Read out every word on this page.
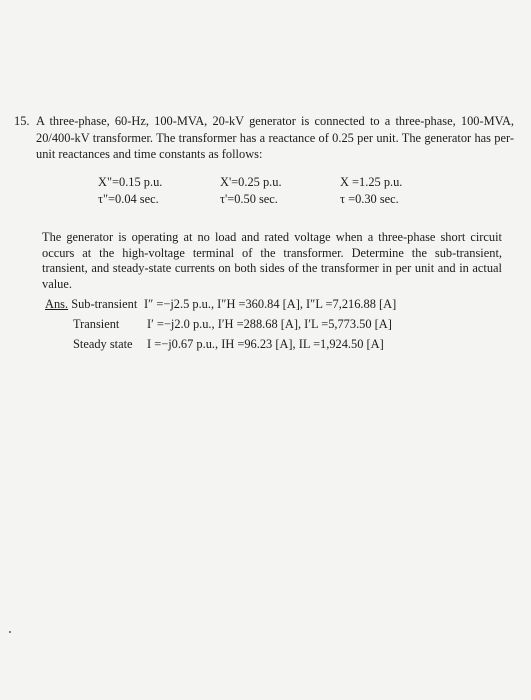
15. A three-phase, 60-Hz, 100-MVA, 20-kV generator is connected to a three-phase, 100-MVA, 20/400-kV transformer. The transformer has a reactance of 0.25 per unit. The generator has per-unit reactances and time constants as follows:
X"=0.15 p.u.	X'=0.25 p.u.	X =1.25 p.u.
τ"=0.04 sec.	τ'=0.50 sec.	τ =0.30 sec.
The generator is operating at no load and rated voltage when a three-phase short circuit occurs at the high-voltage terminal of the transformer. Determine the sub-transient, transient, and steady-state currents on both sides of the transformer in per unit and in actual value.
Ans. Sub-transient I″ =−j2.5 p.u., I″H =360.84 [A], I″L =7,216.88 [A]
Transient I′ =−j2.0 p.u., I′H =288.68 [A], I′L =5,773.50 [A]
Steady state I =−j0.67 p.u., IH =96.23 [A], IL =1,924.50 [A]
